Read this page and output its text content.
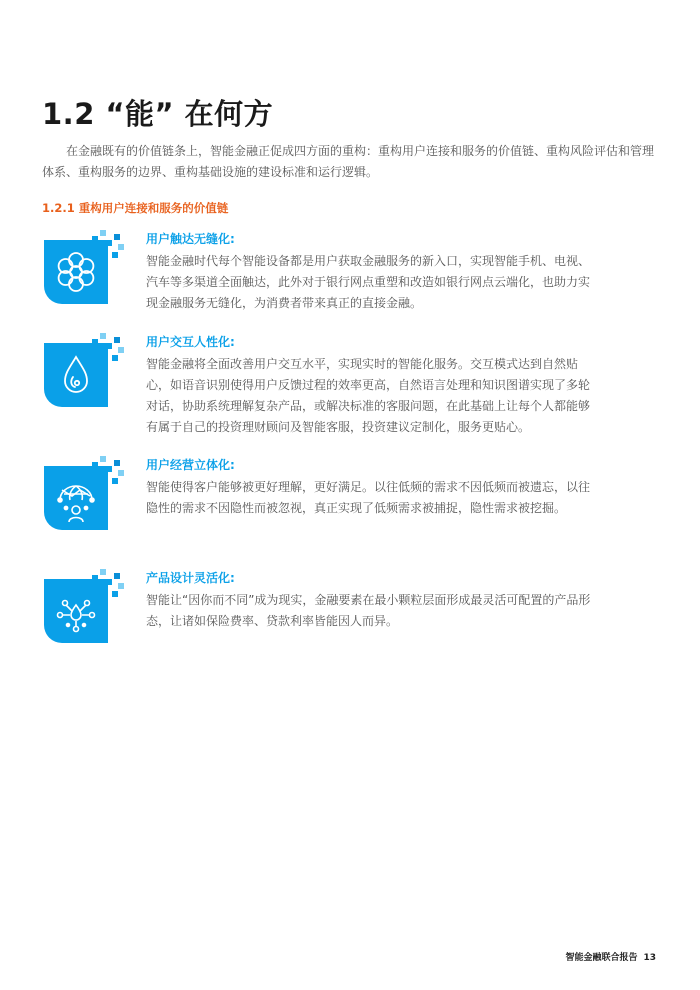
1.2 “能” 在何方

在金融既有的价值链条上，智能金融正促成四方面的重构：重构用户连接和服务的价值链、重构风险评估和管理体系、重构服务的边界、重构基础设施的建设标准和运行逻辑。

1.2.1 重构用户连接和服务的价值链
用户触达无缝化:
智能金融时代每个智能设备都是用户获取金融服务的新入口，实现智能手机、电视、汽车等多渠道全面触达，此外对于银行网点重塑和改造如银行网点云端化，也助力实现金融服务无缝化，为消费者带来真正的直接金融。
用户交互人性化:
智能金融将全面改善用户交互水平，实现实时的智能化服务。交互模式达到自然贴心，如语音识别使得用户反馈过程的效率更高，自然语言处理和知识图谱实现了多轮对话，协助系统理解复杂产品，或解决标准的客服问题，在此基础上让每个人都能够有属于自己的投资理财顾问及智能客服，投资建议定制化，服务更贴心。
用户经营立体化:
智能使得客户能够被更好理解，更好满足。以往低频的需求不因低频而被遗忘，以往隐性的需求不因隐性而被忽视，真正实现了低频需求被捕捉，隐性需求被挖掘。
产品设计灵活化:
智能让“因你而不同”成为现实，金融要素在最小颗粒层面形成最灵活可配置的产品形态，让诸如保险费率、贷款利率皆能因人而异。
智能金融联合报告 13
